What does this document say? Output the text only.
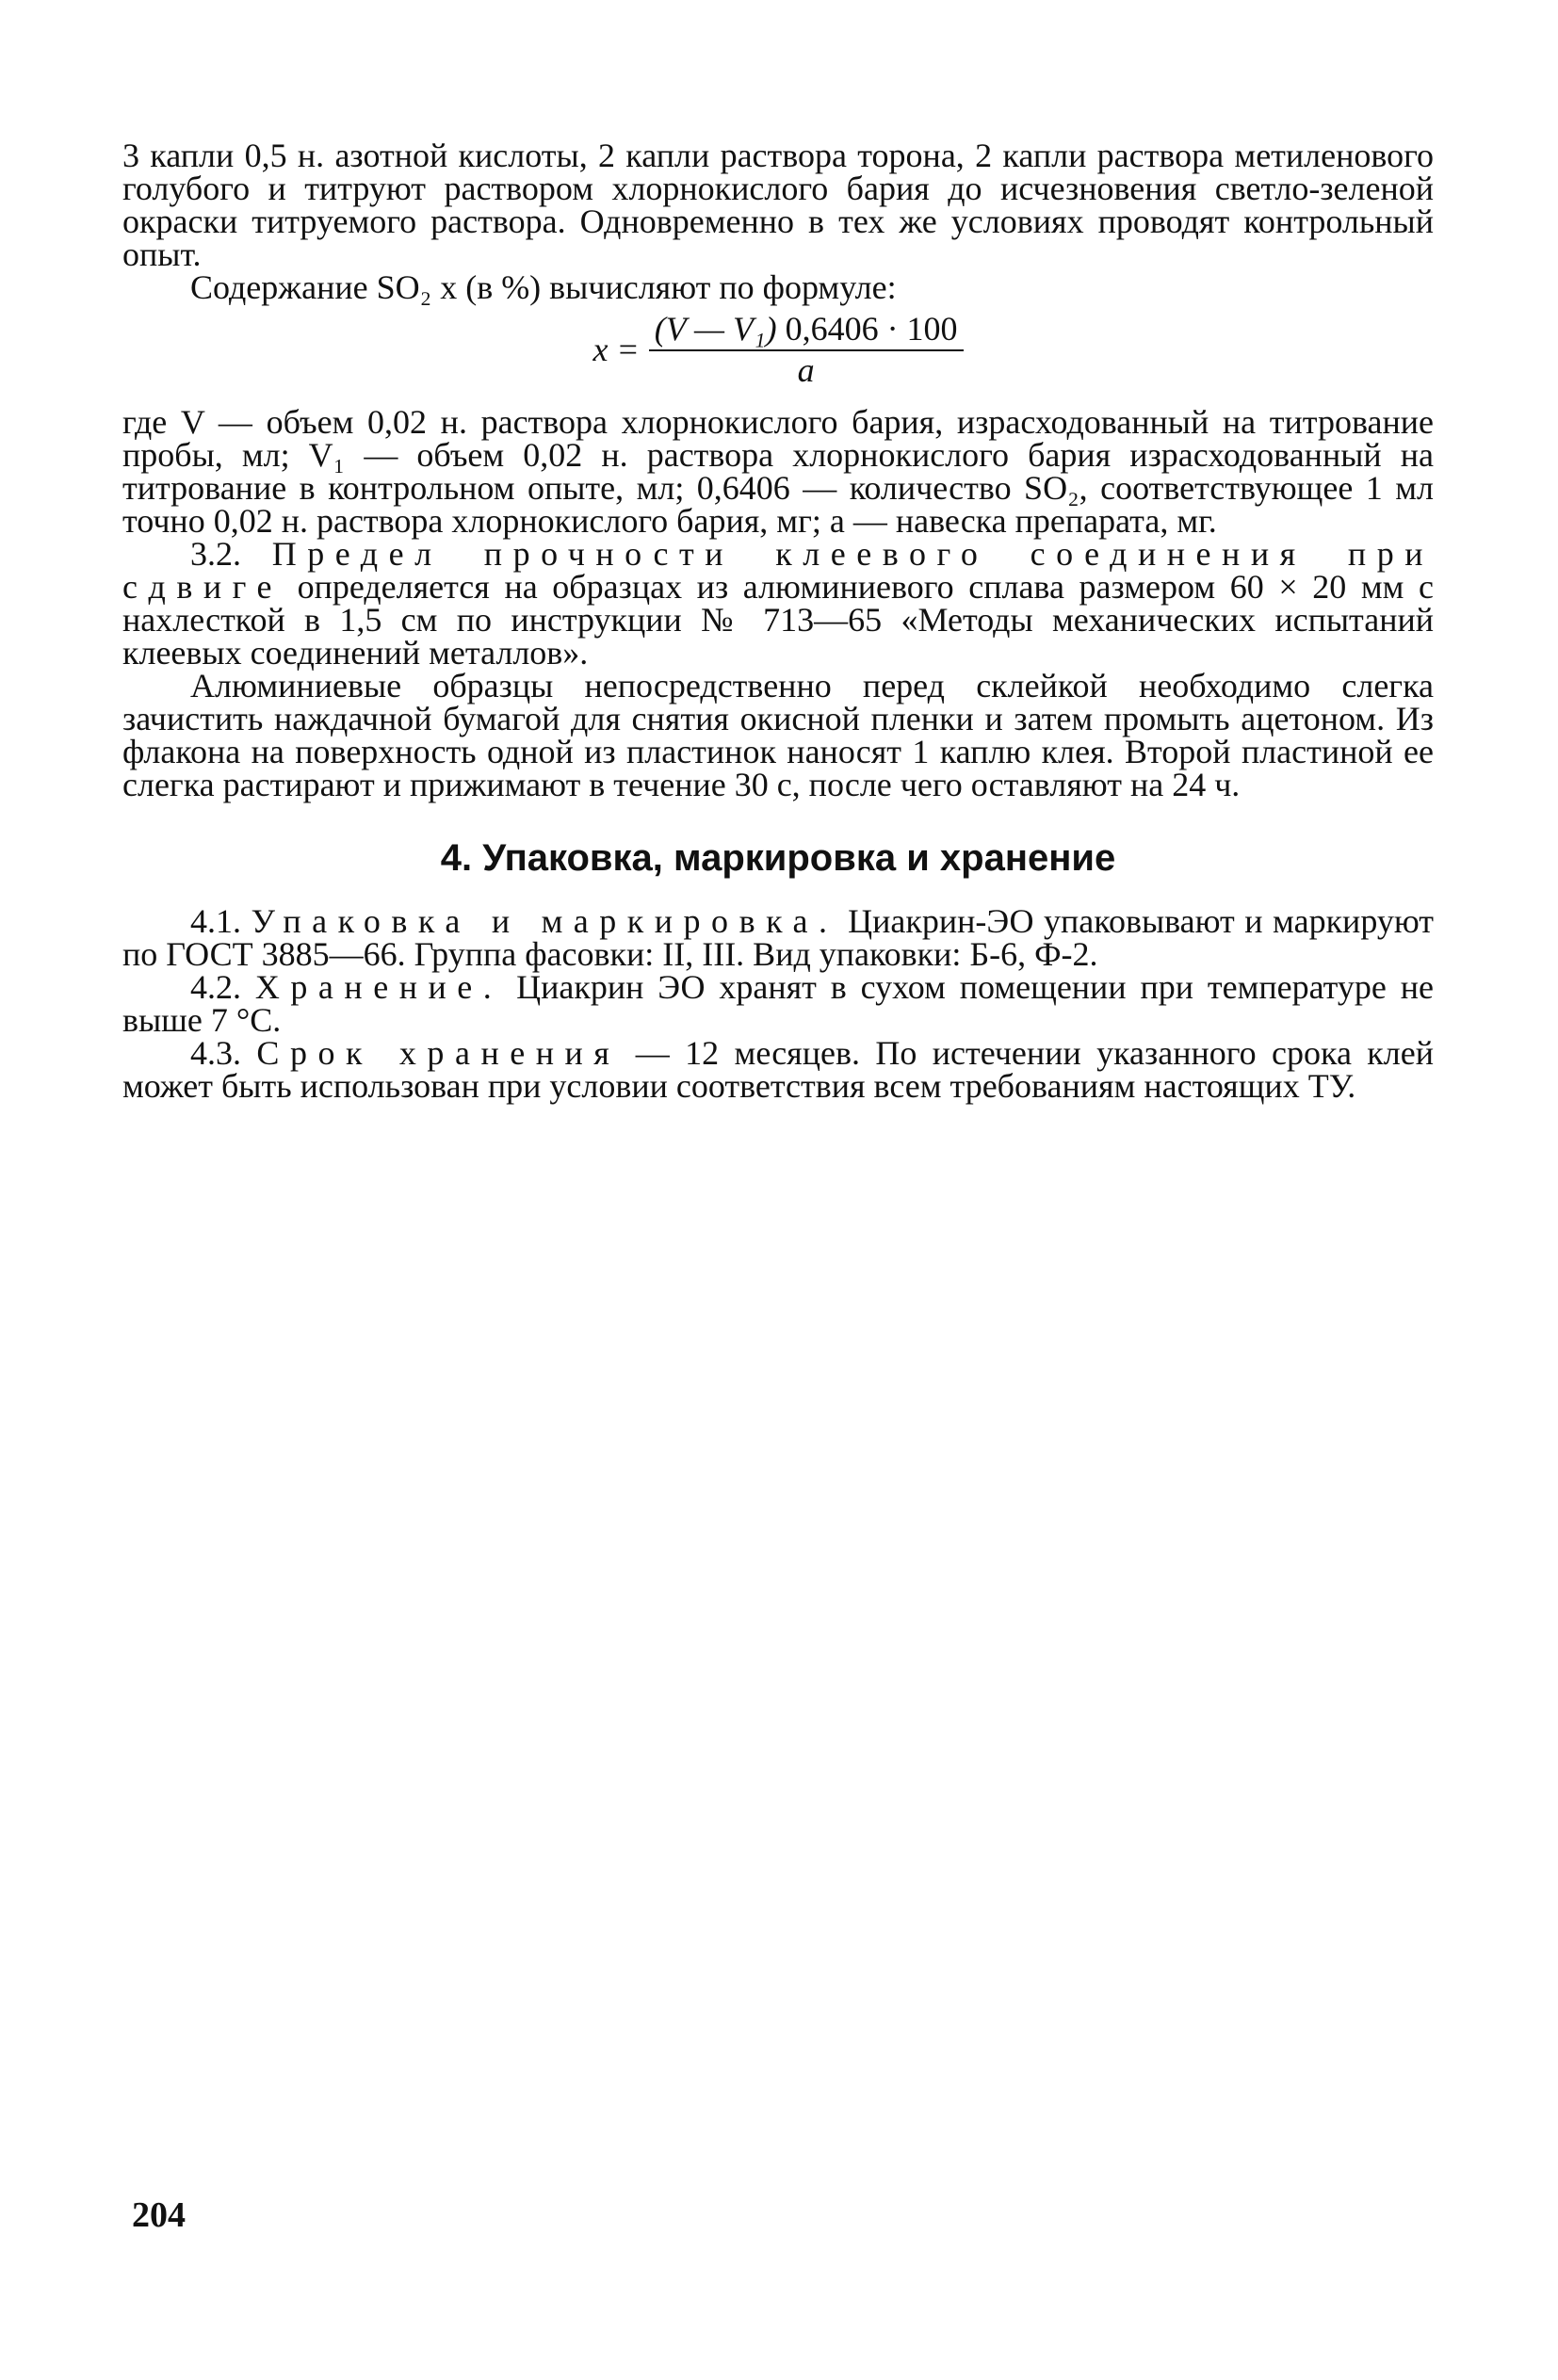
3 капли 0,5 н. азотной кислоты, 2 капли раствора торона, 2 капли раствора метиленового голубого и титруют раствором хлорнокислого бария до исчезновения светло-зеленой окраски титруемого раствора. Одновременно в тех же условиях проводят контрольный опыт.

Содержание SO₂ x (в %) вычисляют по формуле:

$x = \frac{\text{(V — V₁) 0,6406 · 100}}{a}$

где V — объем 0,02 н. раствора хлорнокислого бария, израсходованный на титрование пробы, мл; V₁ — объем 0,02 н. раствора хлорнокислого бария израсходованный на титрование в контрольном опыте, мл; 0,6406 — количество SO₂, соответствующее 1 мл точно 0,02 н. раствора хлорнокислого бария, мг; a — навеска препарата, мг.

3.2. Предел прочности клеевого соединения при сдвиге определяется на образцах из алюминиевого сплава размером 60 × 20 мм с нахлесткой в 1,5 см по инструкции № 713—65 «Методы механических испытаний клеевых соединений металлов».

Алюминиевые образцы непосредственно перед склейкой необходимо слегка зачистить наждачной бумагой для снятия окисной пленки и затем промыть ацетоном. Из флакона на поверхность одной из пластинок наносят 1 каплю клея. Второй пластиной ее слегка растирают и прижимают в течение 30 с, после чего оставляют на 24 ч.

4. Упаковка, маркировка и хранение

4.1. Упаковка и маркировка. Циакрин-ЭО упаковывают и маркируют по ГОСТ 3885—66. Группа фасовки: II, III. Вид упаковки: Б-6, Ф-2.

4.2. Хранение. Циакрин ЭО хранят в сухом помещении при температуре не выше 7 °C.

4.3. Срок хранения — 12 месяцев. По истечении указанного срока клей может быть использован при условии соответствия всем требованиям настоящих ТУ.

204
